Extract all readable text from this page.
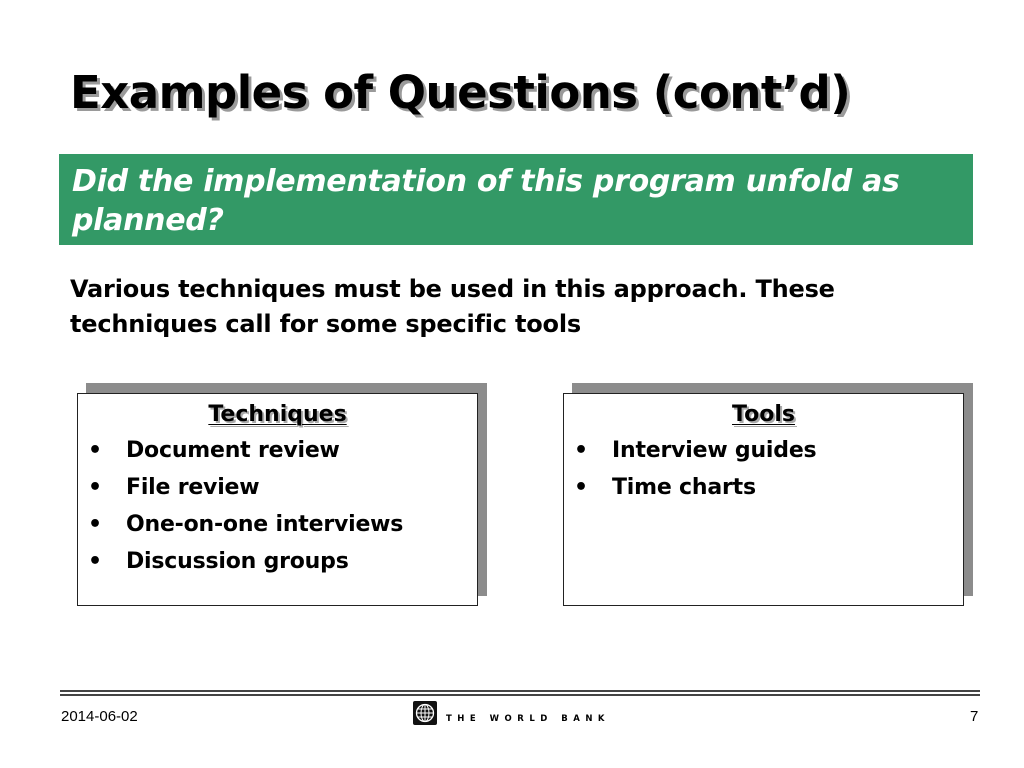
Examples of Questions (cont’d)
Did the implementation of this program unfold as planned?
Various techniques must be used in this approach. These techniques call for some specific tools
Techniques
• Document review
• File review
• One-on-one interviews
• Discussion groups
Tools
• Interview guides
• Time charts
2014-06-02	THE WORLD BANK	7
